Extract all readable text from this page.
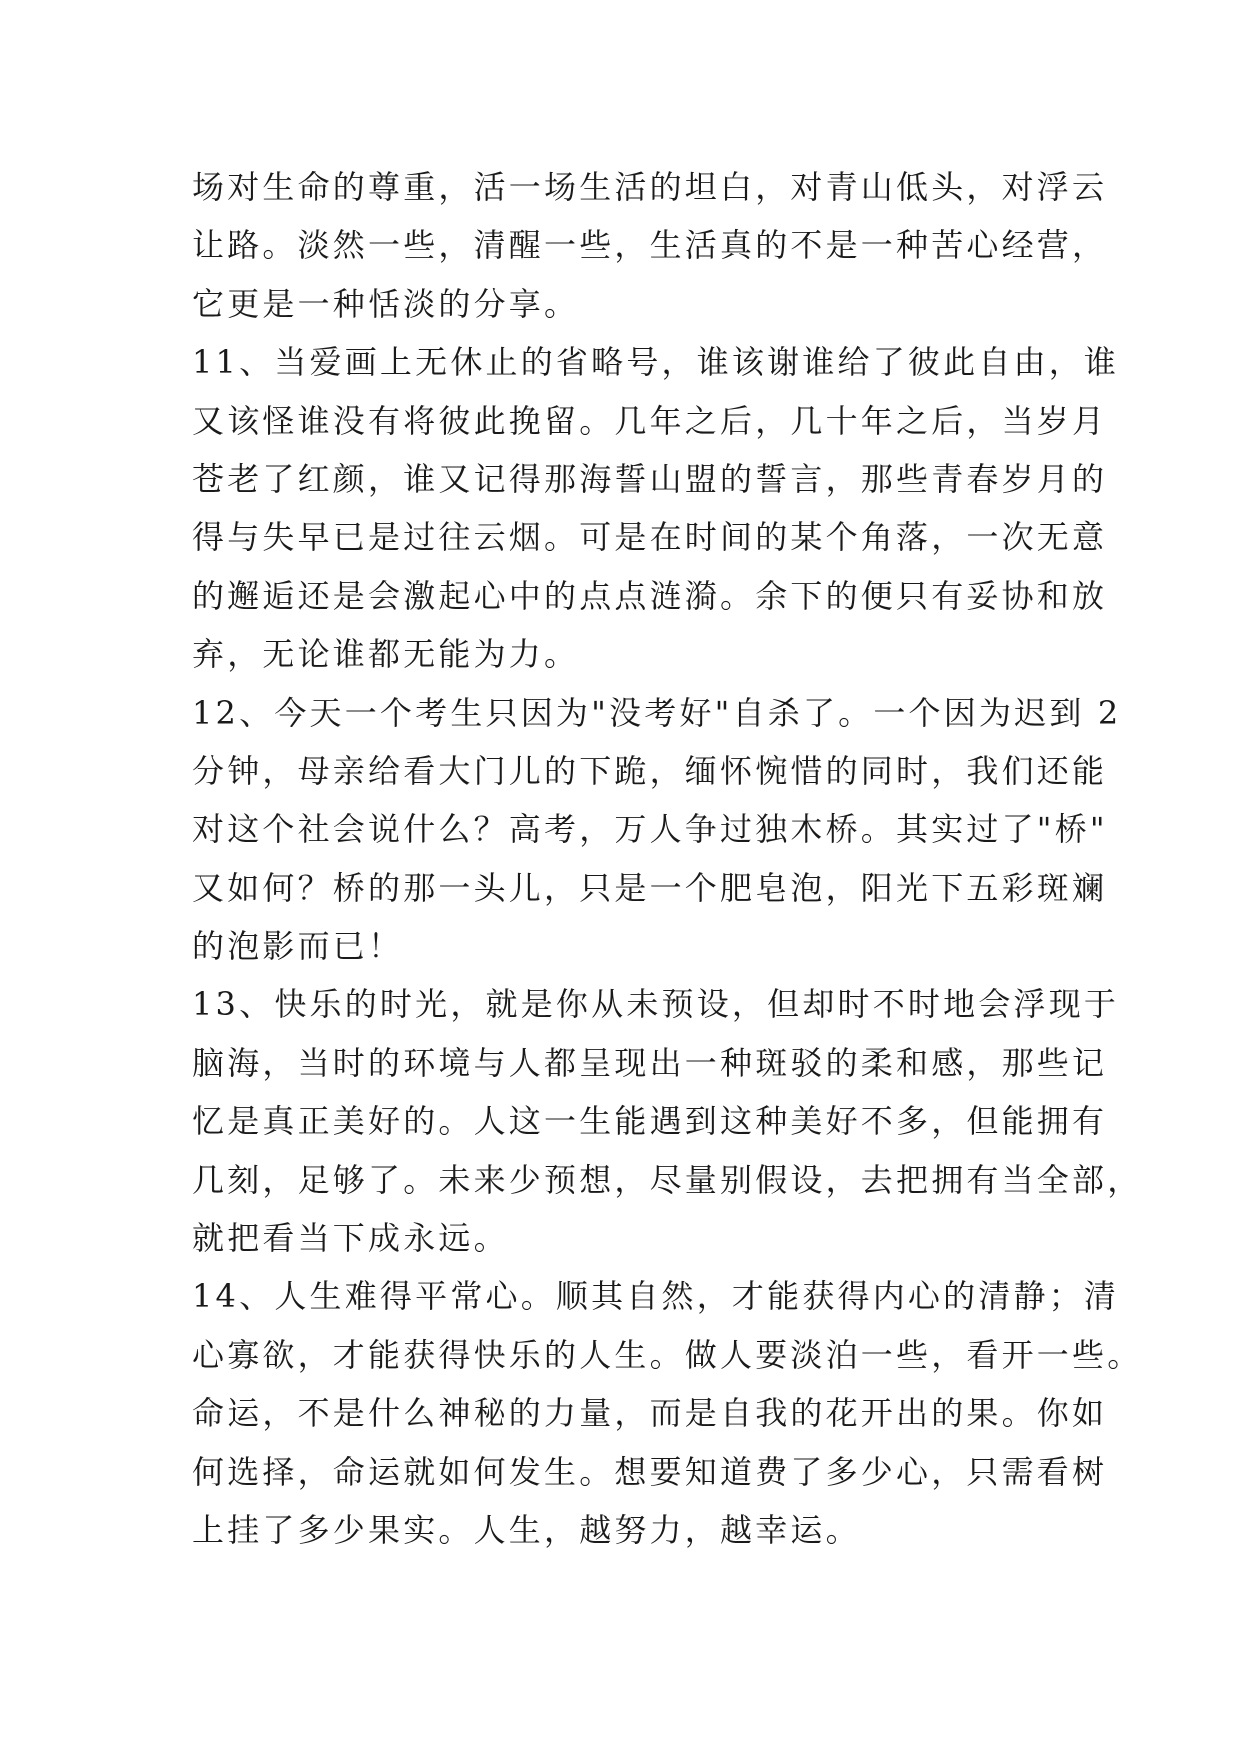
场对生命的尊重，活一场生活的坦白，对青山低头，对浮云
让路。淡然一些，清醒一些，生活真的不是一种苦心经营，
它更是一种恬淡的分享。
11、当爱画上无休止的省略号，谁该谢谁给了彼此自由，谁
又该怪谁没有将彼此挽留。几年之后，几十年之后，当岁月
苍老了红颜，谁又记得那海誓山盟的誓言，那些青春岁月的
得与失早已是过往云烟。可是在时间的某个角落，一次无意
的邂逅还是会激起心中的点点涟漪。余下的便只有妥协和放
弃，无论谁都无能为力。
12、今天一个考生只因为"没考好"自杀了。一个因为迟到 2
分钟，母亲给看大门儿的下跪，缅怀惋惜的同时，我们还能
对这个社会说什么？高考，万人争过独木桥。其实过了"桥"
又如何？桥的那一头儿，只是一个肥皂泡，阳光下五彩斑斓
的泡影而已！
13、快乐的时光，就是你从未预设，但却时不时地会浮现于
脑海，当时的环境与人都呈现出一种斑驳的柔和感，那些记
忆是真正美好的。人这一生能遇到这种美好不多，但能拥有
几刻，足够了。未来少预想，尽量别假设，去把拥有当全部，
就把看当下成永远。
14、人生难得平常心。顺其自然，才能获得内心的清静；清
心寡欲，才能获得快乐的人生。做人要淡泊一些，看开一些。
命运，不是什么神秘的力量，而是自我的花开出的果。你如
何选择，命运就如何发生。想要知道费了多少心，只需看树
上挂了多少果实。人生，越努力，越幸运。
